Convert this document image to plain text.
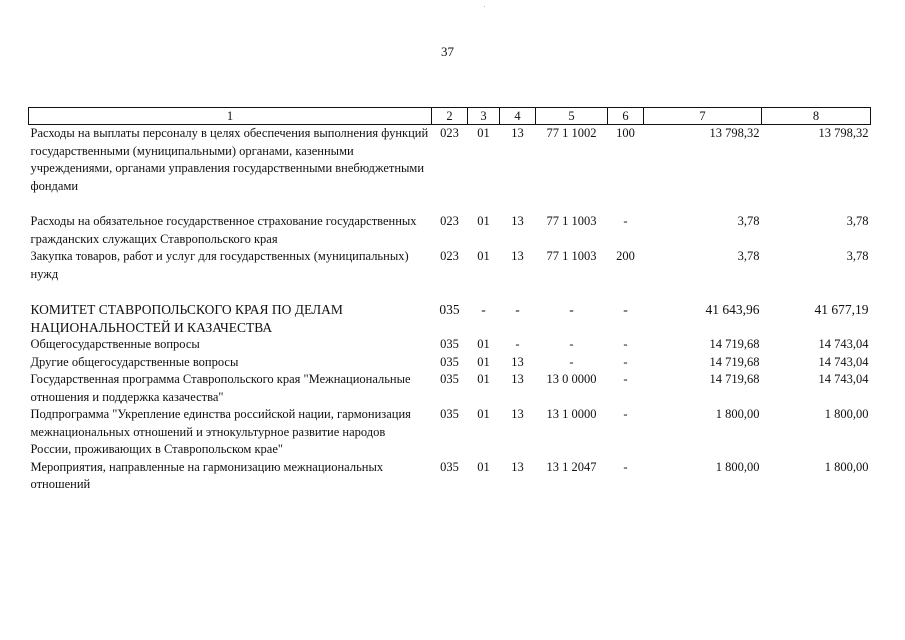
37
1	2	3	4	5	6	7	8
Расходы на выплаты персоналу в целях обеспечения выполнения функций государственными (муниципальными) органами, казенными учреждениями, органами управления государственными внебюджетными фондами	023	01	13	77 1 1002	100	13 798,32	13 798,32

Расходы на обязательное государственное страхование государственных гражданских служащих Ставропольского края	023	01	13	77 1 1003	-	3,78	3,78
Закупка товаров, работ и услуг для государственных (муниципальных) нужд	023	01	13	77 1 1003	200	3,78	3,78

КОМИТЕТ СТАВРОПОЛЬСКОГО КРАЯ ПО ДЕЛАМ НАЦИОНАЛЬНОСТЕЙ И КАЗАЧЕСТВА	035	-	-	-	-	41 643,96	41 677,19
Общегосударственные вопросы	035	01	-	-	-	14 719,68	14 743,04
Другие общегосударственные вопросы	035	01	13	-	-	14 719,68	14 743,04
Государственная программа Ставропольского края "Межнациональные отношения и поддержка казачества"	035	01	13	13 0 0000	-	14 719,68	14 743,04
Подпрограмма "Укрепление единства российской нации, гармонизация межнациональных отношений и этнокультурное развитие народов России, проживающих в Ставропольском крае"	035	01	13	13 1 0000	-	1 800,00	1 800,00
Мероприятия, направленные на гармонизацию межнациональных отношений	035	01	13	13 1 2047	-	1 800,00	1 800,00
